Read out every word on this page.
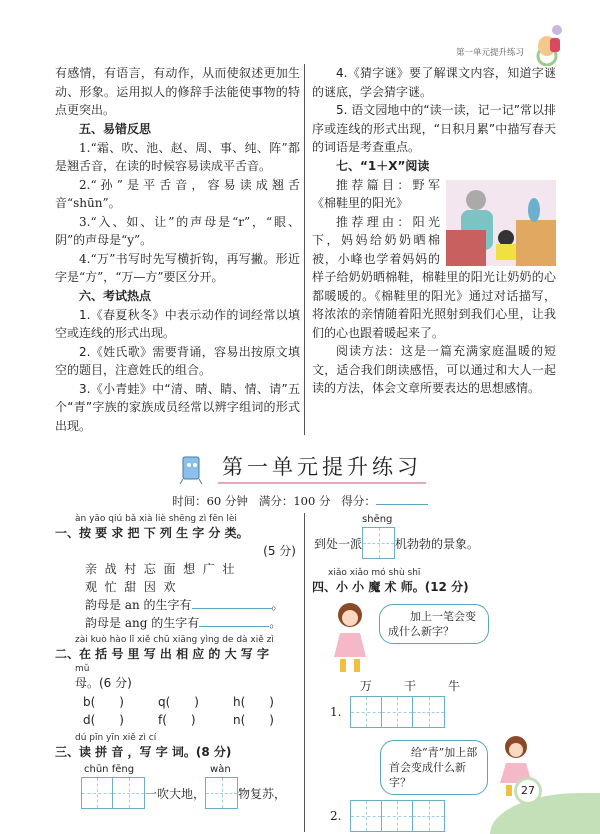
第一单元提升练习
有感情，有语言，有动作，从而使叙述更加生动、形象。运用拟人的修辞手法能使事物的特点更突出。
五、易错反思
1.“霜、吹、池、赵、周、事、纯、阵”都是翘舌音，在读的时候容易读成平舌音。
2.“孙”是平舌音，容易读成翘舌音“shūn”。
3.“入、如、让”的声母是“r”，“眼、阴”的声母是“y”。
4.“万”书写时先写横折钩，再写撇。形近字是“方”，“万—方”要区分开。
六、考试热点
1.《春夏秋冬》中表示动作的词经常以填空或连线的形式出现。
2.《姓氏歌》需要背诵，容易出按原文填空的题目，注意姓氏的组合。
3.《小青蛙》中“清、晴、睛、情、请”五个“青”字族的家族成员经常以辨字组词的形式出现。
4.《猜字谜》要了解课文内容，知道字谜的谜底，学会猜字谜。
5. 语文园地中的“读一读，记一记”常以排序或连线的形式出现，“日积月累”中描写春天的词语是考查重点。
七、“1＋X”阅读
推荐篇目：野军《棉鞋里的阳光》
推荐理由：阳光下，妈妈给奶奶晒棉被，小峰也学着妈妈的样子给奶奶晒棉鞋，棉鞋里的阳光让奶奶的心都暖暖的。《棉鞋里的阳光》通过对话描写，将浓浓的亲情随着阳光照射到我们心里，让我们的心也跟着暖起来了。
阅读方法：这是一篇充满家庭温暖的短文，适合我们朗读感悟，可以通过和大人一起读的方法，体会文章所要表达的思想感情。
第一单元提升练习
时间：60 分钟 满分：100 分 得分：
àn yāo qiú bǎ xià liè shēng zì fēn lèi
一、按 要 求 把 下 列 生 字 分 类。
(5 分)
亲  战  村  忘  面  想  广  壮
观  忙  甜  因  欢
韵母是 an 的生字有	。
韵母是 ang 的生字有	。
zài kuò hào lǐ xiě chū xiāng yìng de dà xiě zì
二、在 括 号 里 写 出 相 应 的 大 写 字
mǔ
母。(6 分)
b(　　)	q(　　)	h(　　)
d(　　)	f(　　)	n(　　)
dú pīn yīn xiě zì cí
三、读 拼 音 ，写 字 词。(8 分)
chūn fēng
一吹大地，
wàn
物复苏，
到处一派
shēng
机勃勃的景象。
xiǎo xiǎo mó shù shī
四、小 小 魔 术 师。(12 分)
加上一笔会变成什么新字？
万	干	牛
1.
给“青”加上部首会变成什么新字？
2.
27
